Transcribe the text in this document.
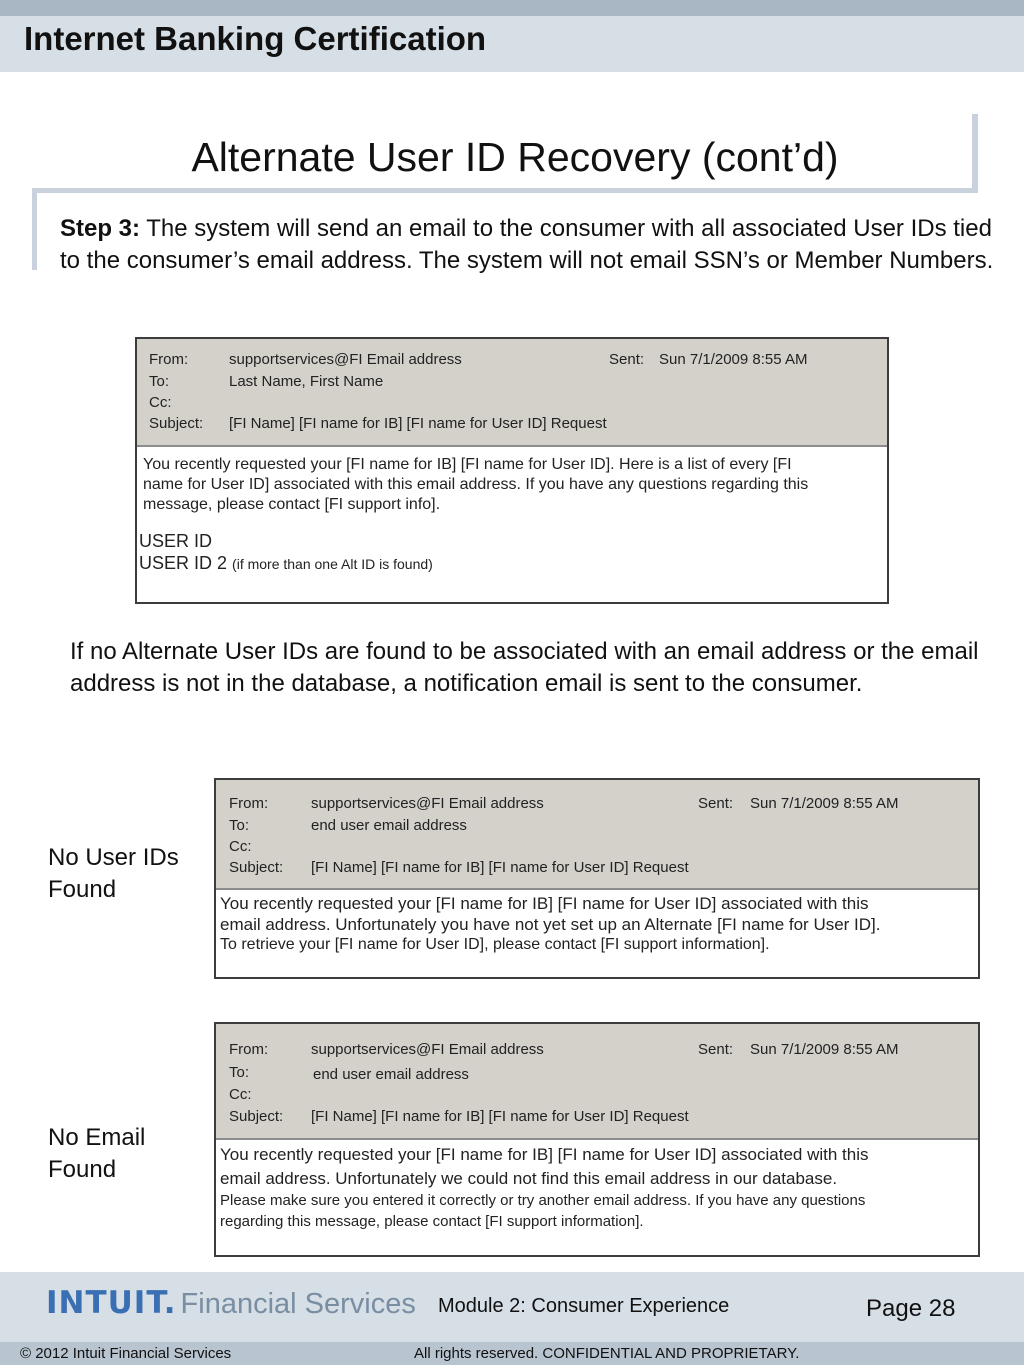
Internet Banking Certification
Alternate User ID Recovery (cont’d)
Step 3: The system will send an email to the consumer with all associated User IDs tied to the consumer’s email address. The system will not email SSN’s or Member Numbers.
From:	supportservices@FI Email address	Sent: Sun 7/1/2009 8:55 AM
To:	Last Name, First Name
Cc:
Subject: [FI Name] [FI name for IB] [FI name for User ID] Request
You recently requested your [FI name for IB] [FI name for User ID]. Here is a list of every [FI
name for User ID] associated with this email address. If you have any questions regarding this
message, please contact [FI support info].
USER ID
USER ID 2 (if more than one Alt ID is found)
If no Alternate User IDs are found to be associated with an email address or the email address is not in the database, a notification email is sent to the consumer.
No User IDs Found
From:	supportservices@FI Email address	Sent: Sun 7/1/2009 8:55 AM
To:	end user email address
Cc:
Subject: [FI Name] [FI name for IB] [FI name for User ID] Request
You recently requested your [FI name for IB] [FI name for User ID] associated with this
email address. Unfortunately you have not yet set up an Alternate [FI name for User ID].
To retrieve your [FI name for User ID], please contact [FI support information].
No Email Found
From:	supportservices@FI Email address	Sent: Sun 7/1/2009 8:55 AM
To:	end user email address
Cc:
Subject: [FI Name] [FI name for IB] [FI name for User ID] Request
You recently requested your [FI name for IB] [FI name for User ID] associated with this
email address. Unfortunately we could not find this email address in our database.
Please make sure you entered it correctly or try another email address. If you have any questions
regarding this message, please contact [FI support information].
INTUIT. Financial Services Module 2: Consumer Experience	Page 28
© 2012 Intuit Financial Services	All rights reserved. CONFIDENTIAL AND PROPRIETARY.
